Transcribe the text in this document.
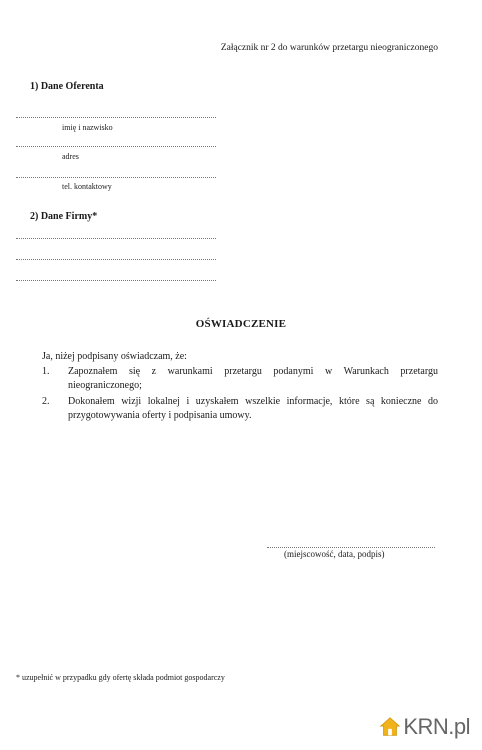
Załącznik nr 2 do warunków przetargu nieograniczonego
1) Dane Oferenta
imię i nazwisko
adres
tel. kontaktowy
2) Dane Firmy*
OŚWIADCZENIE
Ja, niżej podpisany oświadczam, że:
1.	Zapoznałem się z warunkami przetargu podanymi w Warunkach przetargu nieograniczonego;
2.	Dokonałem wizji lokalnej i uzyskałem wszelkie informacje, które są konieczne do przygotowywania oferty i podpisania umowy.
(miejscowość, data, podpis)
* uzupełnić w przypadku gdy ofertę składa podmiot gospodarczy
KRN.pl
